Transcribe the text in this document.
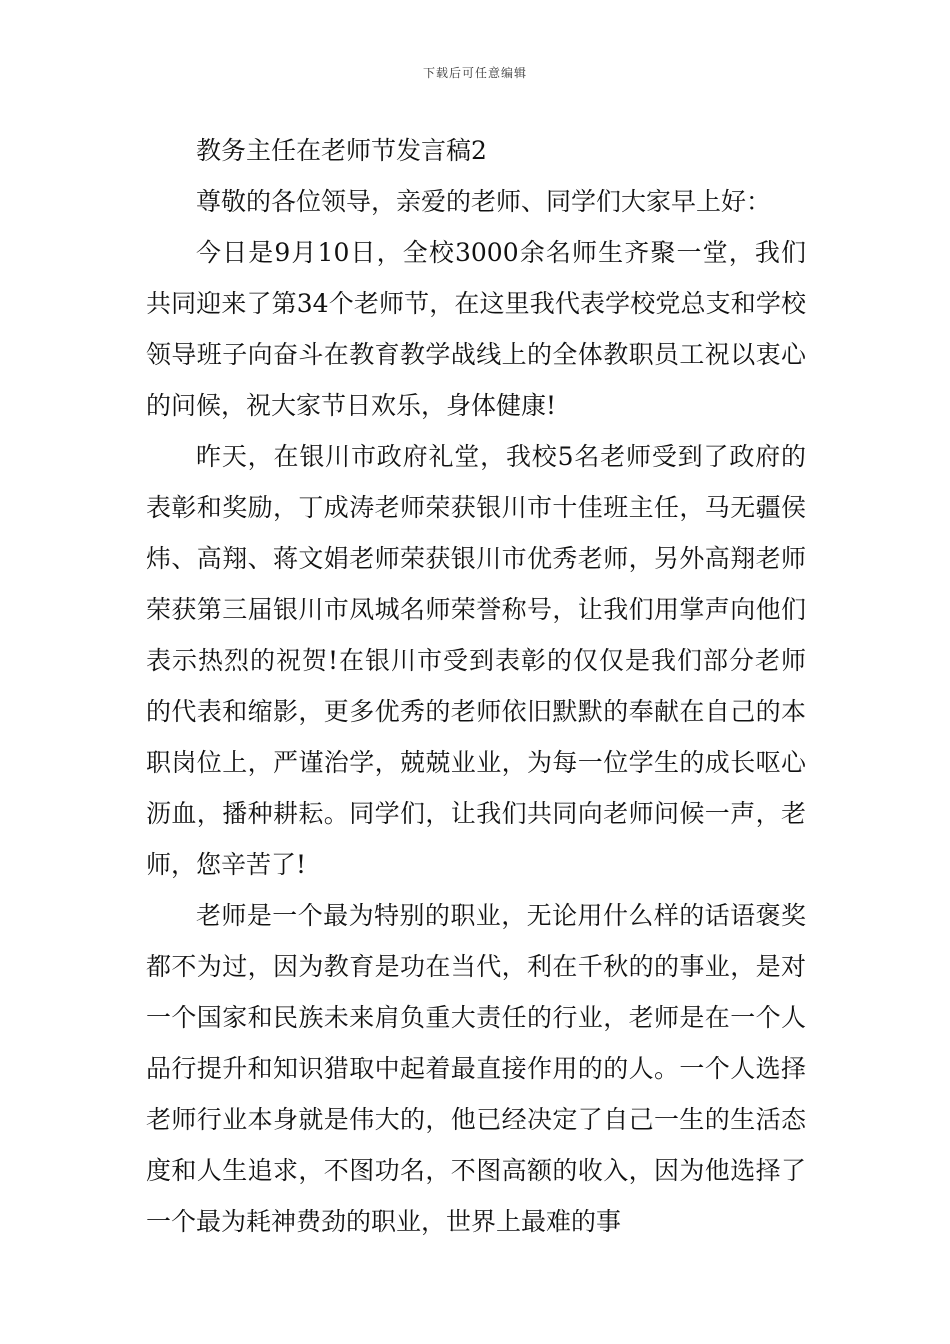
下载后可任意编辑

教务主任在老师节发言稿2

尊敬的各位领导，亲爱的老师、同学们大家早上好：

今日是9月10日，全校3000余名师生齐聚一堂，我们共同迎来了第34个老师节，在这里我代表学校党总支和学校领导班子向奋斗在教育教学战线上的全体教职员工祝以衷心的问候，祝大家节日欢乐，身体健康!

昨天，在银川市政府礼堂，我校5名老师受到了政府的表彰和奖励，丁成涛老师荣获银川市十佳班主任，马无疆侯炜、高翔、蒋文娟老师荣获银川市优秀老师，另外高翔老师荣获第三届银川市凤城名师荣誉称号，让我们用掌声向他们表示热烈的祝贺!在银川市受到表彰的仅仅是我们部分老师的代表和缩影，更多优秀的老师依旧默默的奉献在自己的本职岗位上，严谨治学，兢兢业业，为每一位学生的成长呕心沥血，播种耕耘。同学们，让我们共同向老师问候一声，老师，您辛苦了!

老师是一个最为特别的职业，无论用什么样的话语褒奖都不为过，因为教育是功在当代，利在千秋的的事业，是对一个国家和民族未来肩负重大责任的行业，老师是在一个人品行提升和知识猎取中起着最直接作用的的人。一个人选择老师行业本身就是伟大的，他已经决定了自己一生的生活态度和人生追求，不图功名，不图高额的收入，因为他选择了一个最为耗神费劲的职业，世界上最难的事
